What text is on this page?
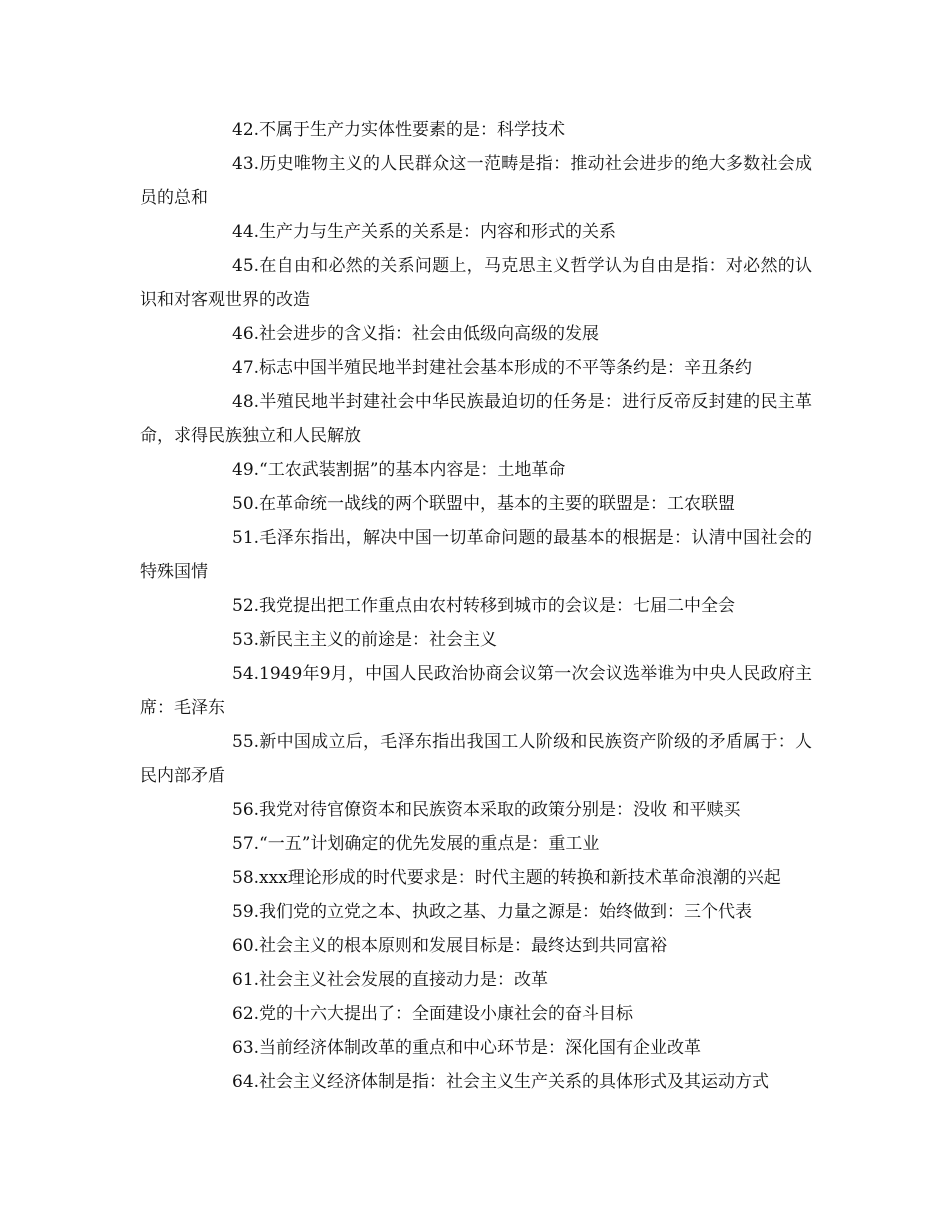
42.不属于生产力实体性要素的是：科学技术

43.历史唯物主义的人民群众这一范畴是指：推动社会进步的绝大多数社会成员的总和

44.生产力与生产关系的关系是：内容和形式的关系

45.在自由和必然的关系问题上，马克思主义哲学认为自由是指：对必然的认识和对客观世界的改造

46.社会进步的含义指：社会由低级向高级的发展

47.标志中国半殖民地半封建社会基本形成的不平等条约是：辛丑条约

48.半殖民地半封建社会中华民族最迫切的任务是：进行反帝反封建的民主革命，求得民族独立和人民解放

49.“工农武装割据”的基本内容是：土地革命

50.在革命统一战线的两个联盟中，基本的主要的联盟是：工农联盟

51.毛泽东指出，解决中国一切革命问题的最基本的根据是：认清中国社会的特殊国情

52.我党提出把工作重点由农村转移到城市的会议是：七届二中全会

53.新民主主义的前途是：社会主义

54.1949年9月，中国人民政治协商会议第一次会议选举谁为中央人民政府主席：毛泽东

55.新中国成立后，毛泽东指出我国工人阶级和民族资产阶级的矛盾属于：人民内部矛盾

56.我党对待官僚资本和民族资本采取的政策分别是：没收 和平赎买

57.“一五”计划确定的优先发展的重点是：重工业

58.xxx理论形成的时代要求是：时代主题的转换和新技术革命浪潮的兴起

59.我们党的立党之本、执政之基、力量之源是：始终做到：三个代表

60.社会主义的根本原则和发展目标是：最终达到共同富裕

61.社会主义社会发展的直接动力是：改革

62.党的十六大提出了：全面建设小康社会的奋斗目标

63.当前经济体制改革的重点和中心环节是：深化国有企业改革

64.社会主义经济体制是指：社会主义生产关系的具体形式及其运动方式
